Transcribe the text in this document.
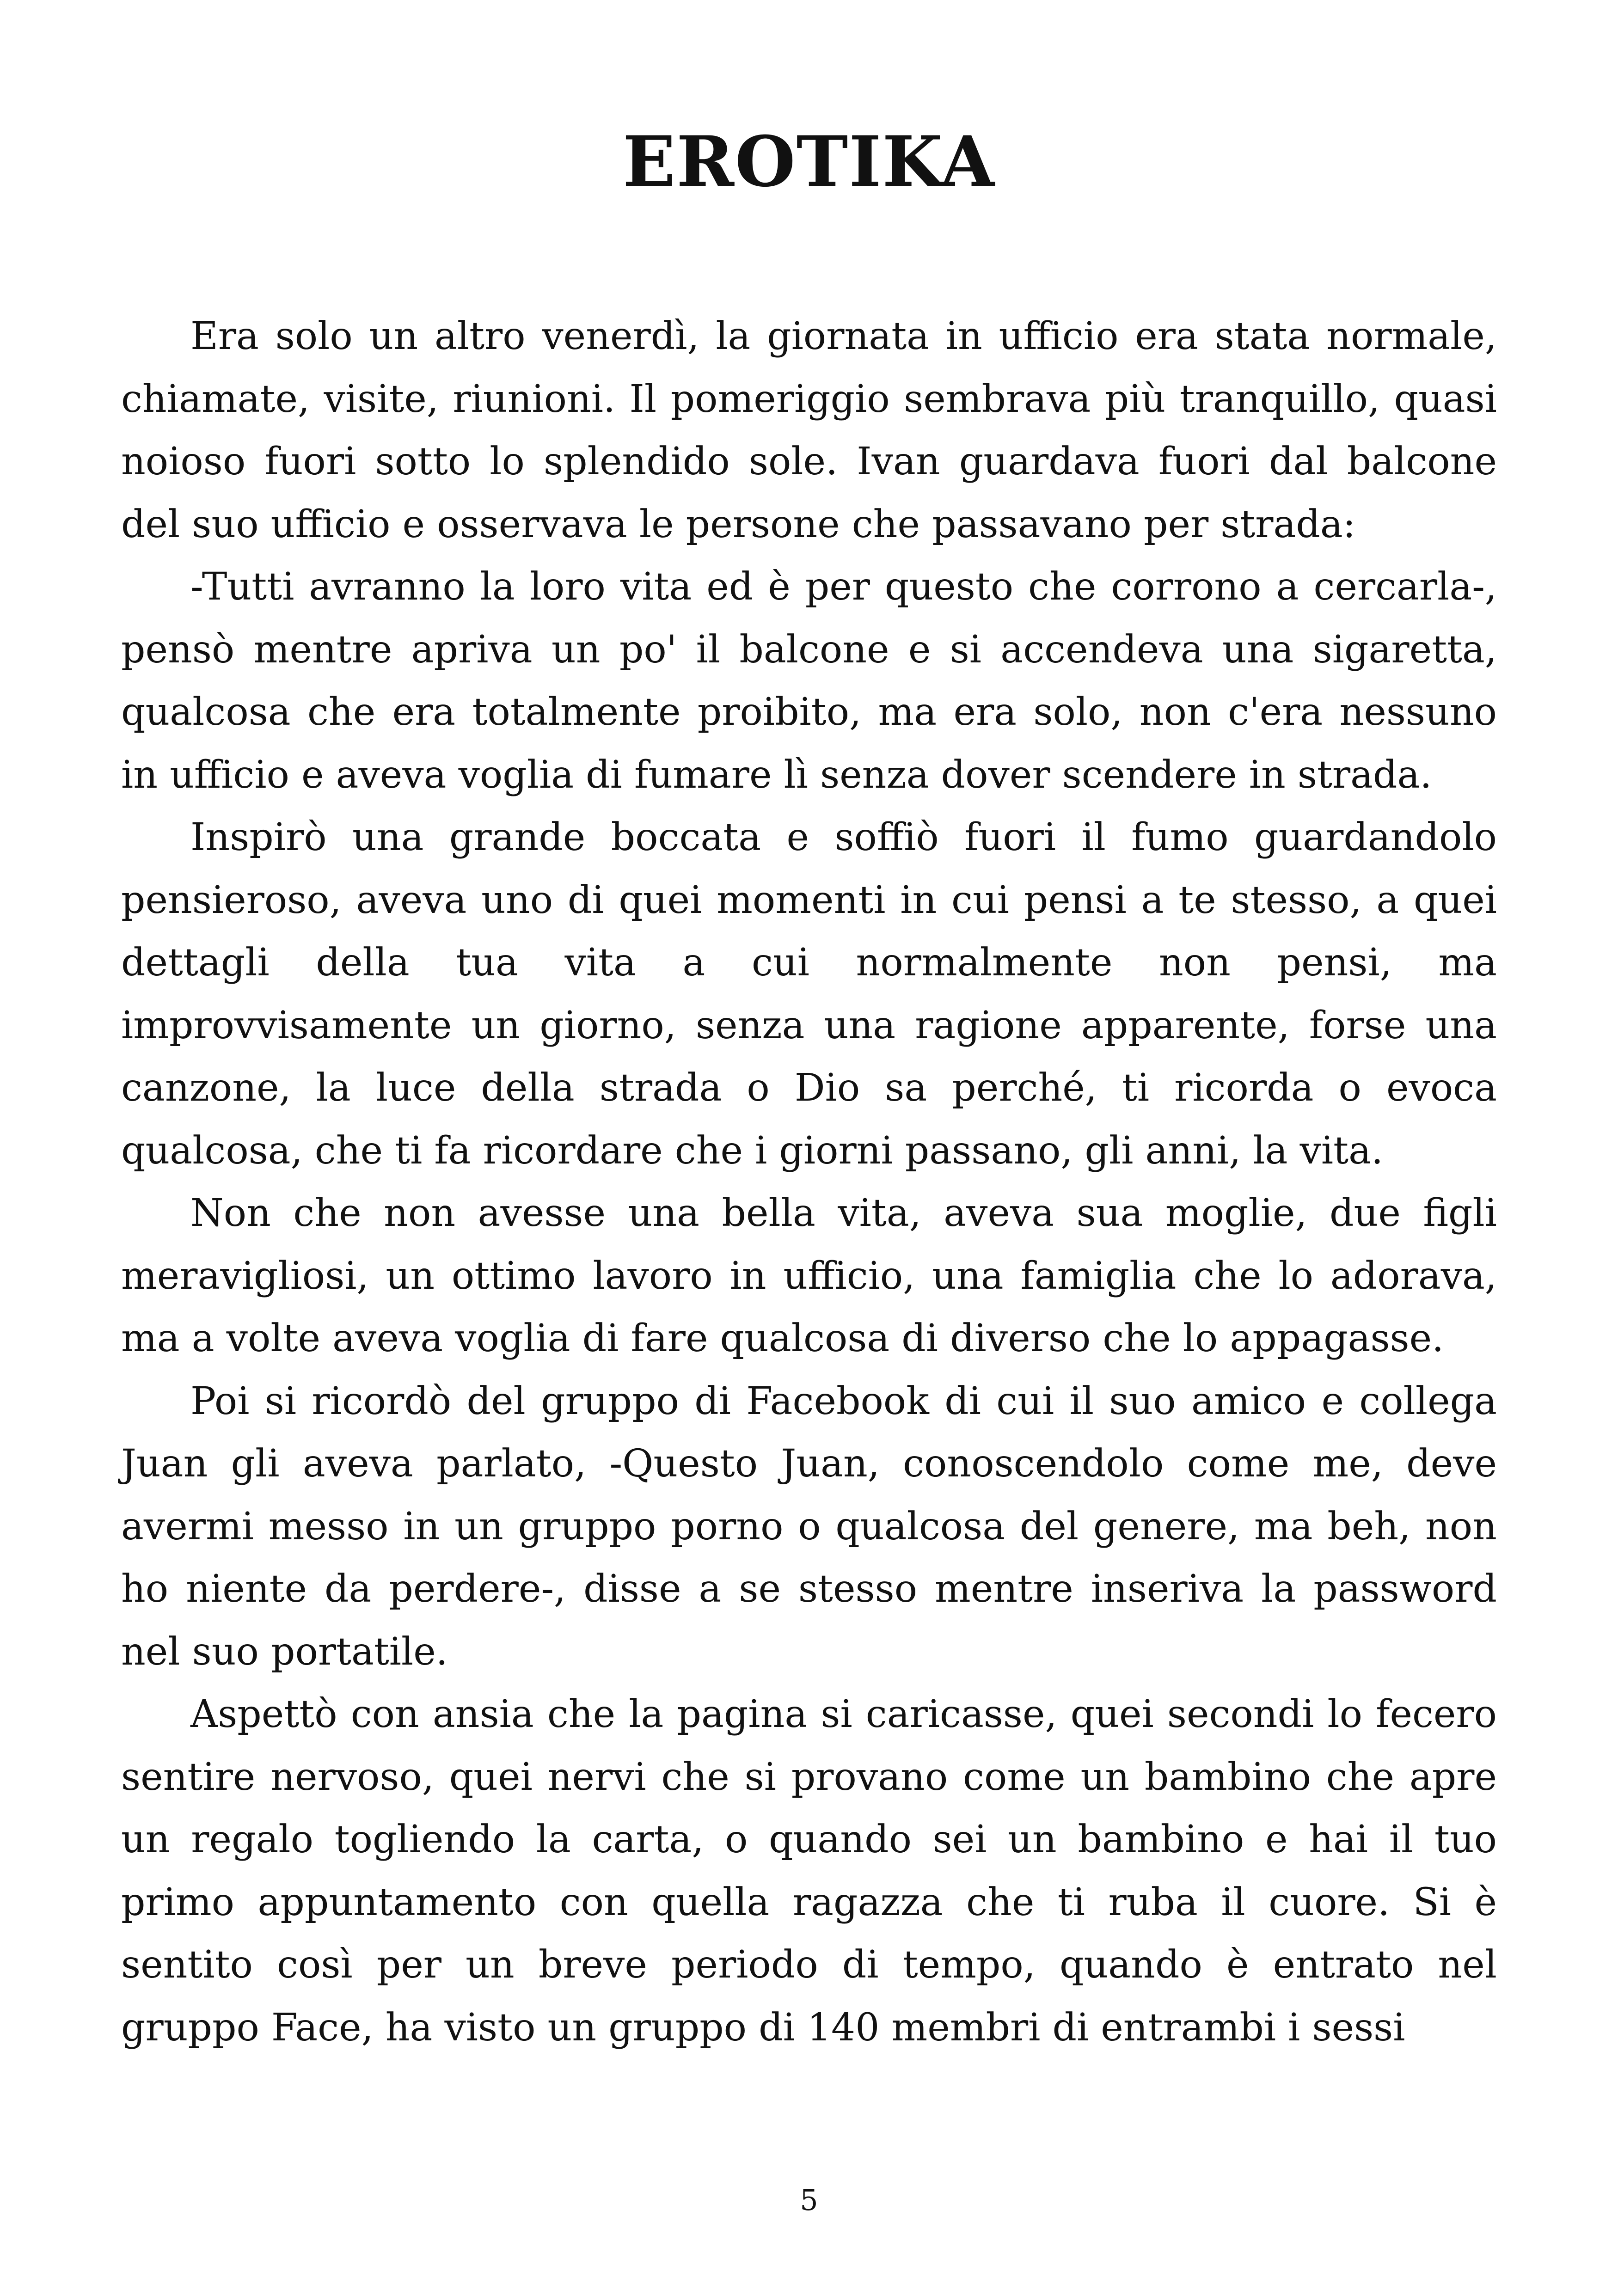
EROTIKA

Era solo un altro venerdì, la giornata in ufficio era stata normale, chiamate, visite, riunioni. Il pomeriggio sembrava più tranquillo, quasi noioso fuori sotto lo splendido sole. Ivan guardava fuori dal balcone del suo ufficio e osservava le persone che passavano per strada:

-Tutti avranno la loro vita ed è per questo che corrono a cercarla-, pensò mentre apriva un po' il balcone e si accendeva una sigaretta, qualcosa che era totalmente proibito, ma era solo, non c'era nessuno in ufficio e aveva voglia di fumare lì senza dover scendere in strada.

Inspirò una grande boccata e soffiò fuori il fumo guardandolo pensieroso, aveva uno di quei momenti in cui pensi a te stesso, a quei dettagli della tua vita a cui normalmente non pensi, ma improvvisamente un giorno, senza una ragione apparente, forse una canzone, la luce della strada o Dio sa perché, ti ricorda o evoca qualcosa, che ti fa ricordare che i giorni passano, gli anni, la vita.

Non che non avesse una bella vita, aveva sua moglie, due figli meravigliosi, un ottimo lavoro in ufficio, una famiglia che lo adorava, ma a volte aveva voglia di fare qualcosa di diverso che lo appagasse.

Poi si ricordò del gruppo di Facebook di cui il suo amico e collega Juan gli aveva parlato, -Questo Juan, conoscendolo come me, deve avermi messo in un gruppo porno o qualcosa del genere, ma beh, non ho niente da perdere-, disse a se stesso mentre inseriva la password nel suo portatile.

Aspettò con ansia che la pagina si caricasse, quei secondi lo fecero sentire nervoso, quei nervi che si provano come un bambino che apre un regalo togliendo la carta, o quando sei un bambino e hai il tuo primo appuntamento con quella ragazza che ti ruba il cuore. Si è sentito così per un breve periodo di tempo, quando è entrato nel gruppo Face, ha visto un gruppo di 140 membri di entrambi i sessi

5
